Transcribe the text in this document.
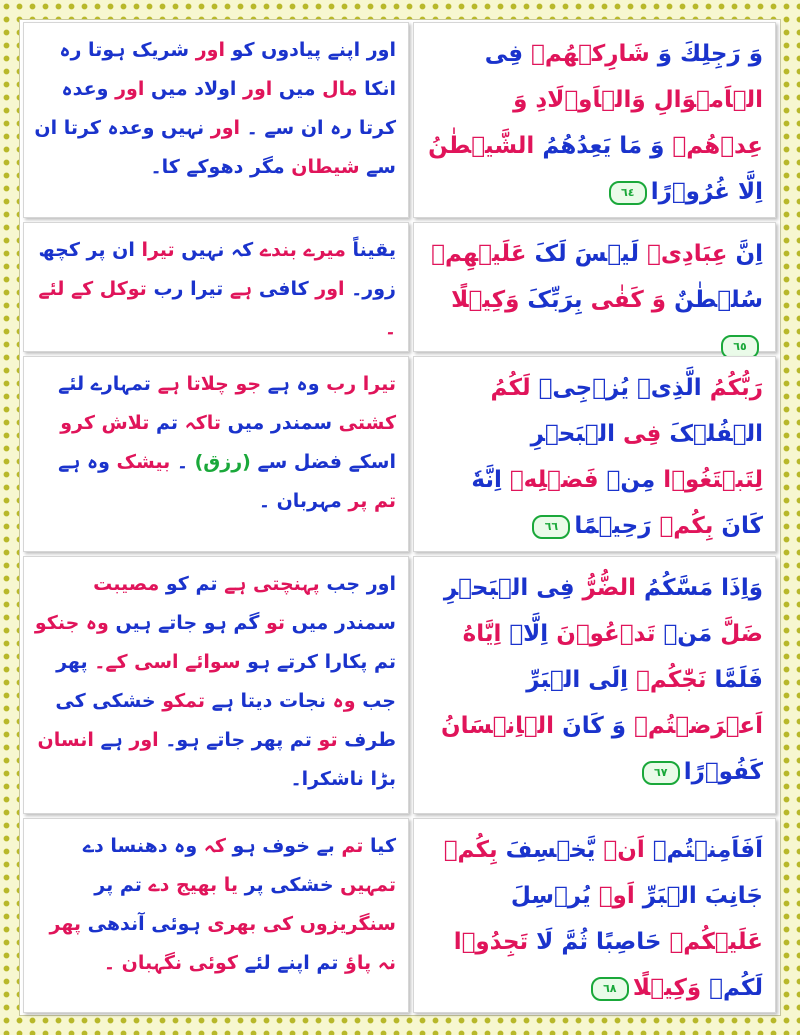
اور اپنے پیادوں کو اور شریک ہوتا رہ انکا مال میں اور اولاد میں اور وعدہ کرتا رہ ان سے ۔ اور نہیں وعدہ کرتا ان سے شیطان مگر دھوکے کا۔
وَ رَجِلِكَ وَ شَارِكۡهُمۡ فِی الۡاَمۡوَالِ وَالۡاَوۡلَادِ وَ عِدۡهُمۡ وَ مَا یَعِدُهُمُ الشَّیۡطٰنُ اِلَّا غُرُوۡرًا٦٤
یقیناً میرے بندے کہ نہیں تیرا ان پر کچھ زور۔ اور کافی ہے تیرا رب توکل کے لئے ۔
اِنَّ عِبَادِیۡ لَیۡسَ لَکَ عَلَیۡهِمۡ سُلۡطٰنٌ وَ کَفٰی بِرَبِّکَ وَکِیۡلًا٦٥
تیرا رب وہ ہے جو چلاتا ہے تمہارے لئے کشتی سمندر میں تاکہ تم تلاش کرو اسکے فضل سے (رزق) ۔ بیشک وہ ہے تم پر مہربان ۔
رَبُّکُمُ الَّذِیۡ یُزۡجِیۡ لَکُمُ الۡفُلۡکَ فِی الۡبَحۡرِ لِتَبۡتَغُوۡا مِنۡ فَضۡلِهٖ اِنَّهٗ کَانَ بِکُمۡ رَحِیۡمًا٦٦
اور جب پہنچتی ہے تم کو مصیبت سمندر میں تو گم ہو جاتے ہیں وہ جنکو تم پکارا کرتے ہو سوائے اسی کے۔ پھر جب وہ نجات دیتا ہے تمکو خشکی کی طرف تو تم پھر جاتے ہو۔ اور ہے انسان بڑا ناشکرا۔
وَاِذَا مَسَّکُمُ الضُّرُّ فِی الۡبَحۡرِ ضَلَّ مَنۡ تَدۡعُوۡنَ اِلَّاۤ اِیَّاهُ فَلَمَّا نَجّٰکُمۡ اِلَی الۡبَرِّ اَعۡرَضۡتُمۡ وَ کَانَ الۡاِنۡسَانُ کَفُوۡرًا٦٧
کیا تم بے خوف ہو کہ وہ دھنسا دے تمہیں خشکی پر یا بھیج دے تم پر سنگریزوں کی بھری ہوئی آندھی پھر نہ پاؤ تم اپنے لئے کوئی نگہبان ۔
اَفَاَمِنۡتُمۡ اَنۡ یَّخۡسِفَ بِکُمۡ جَانِبَ الۡبَرِّ اَوۡ یُرۡسِلَ عَلَیۡکُمۡ حَاصِبًا ثُمَّ لَا تَجِدُوۡا لَکُمۡ وَکِیۡلًا٦٨
